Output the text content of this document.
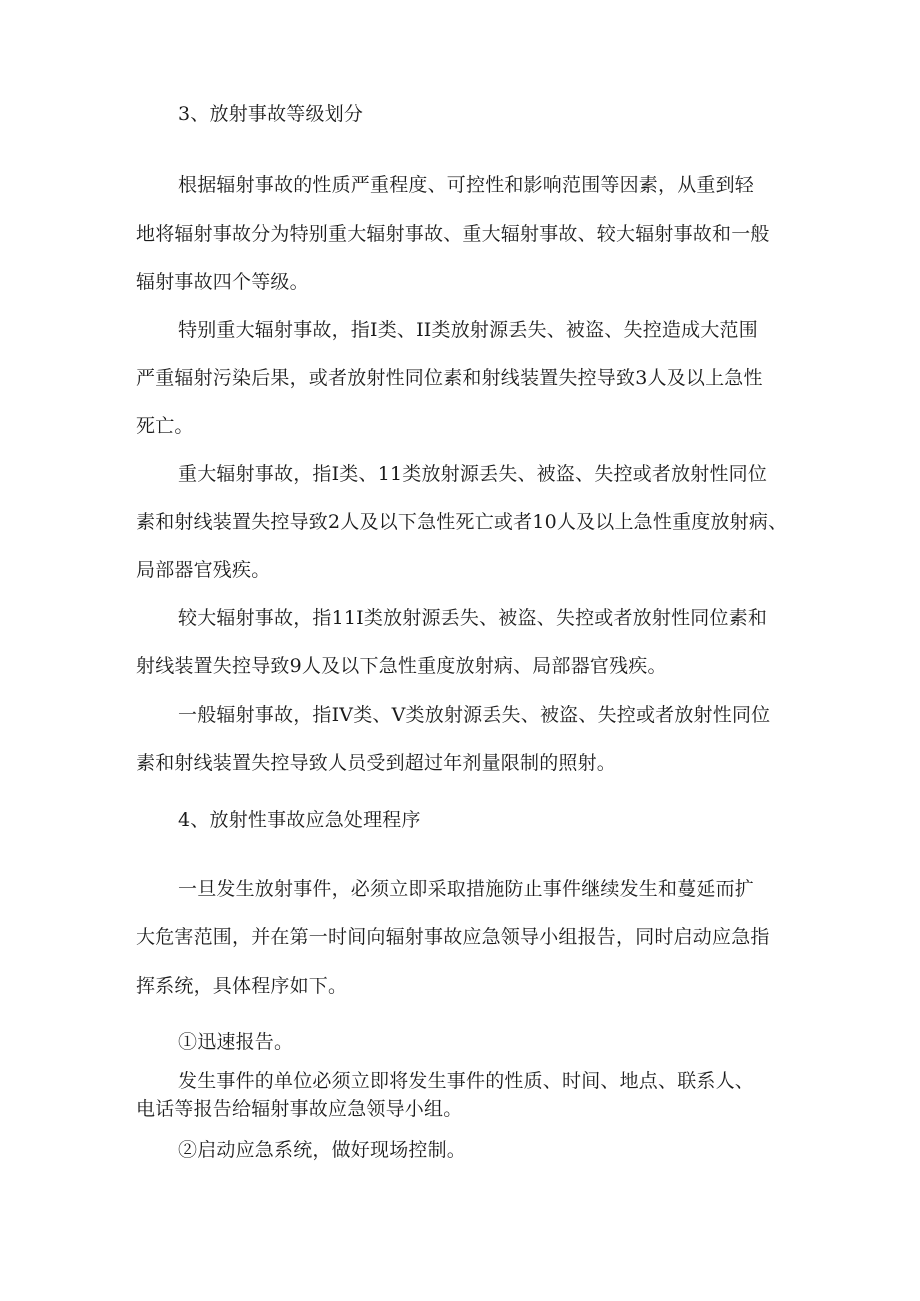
3、放射事故等级划分
根据辐射事故的性质严重程度、可控性和影响范围等因素，从重到轻
地将辐射事故分为特别重大辐射事故、重大辐射事故、较大辐射事故和一般
辐射事故四个等级。
特别重大辐射事故，指I类、II类放射源丢失、被盗、失控造成大范围
严重辐射污染后果，或者放射性同位素和射线装置失控导致3人及以上急性
死亡。
重大辐射事故，指I类、11类放射源丢失、被盗、失控或者放射性同位
素和射线装置失控导致2人及以下急性死亡或者10人及以上急性重度放射病、
局部器官残疾。
较大辐射事故，指11I类放射源丢失、被盗、失控或者放射性同位素和
射线装置失控导致9人及以下急性重度放射病、局部器官残疾。
一般辐射事故，指IV类、V类放射源丢失、被盗、失控或者放射性同位
素和射线装置失控导致人员受到超过年剂量限制的照射。
4、放射性事故应急处理程序
一旦发生放射事件，必须立即采取措施防止事件继续发生和蔓延而扩
大危害范围，并在第一时间向辐射事故应急领导小组报告，同时启动应急指
挥系统，具体程序如下。
①迅速报告。
发生事件的单位必须立即将发生事件的性质、时间、地点、联系人、
电话等报告给辐射事故应急领导小组。
②启动应急系统，做好现场控制。
